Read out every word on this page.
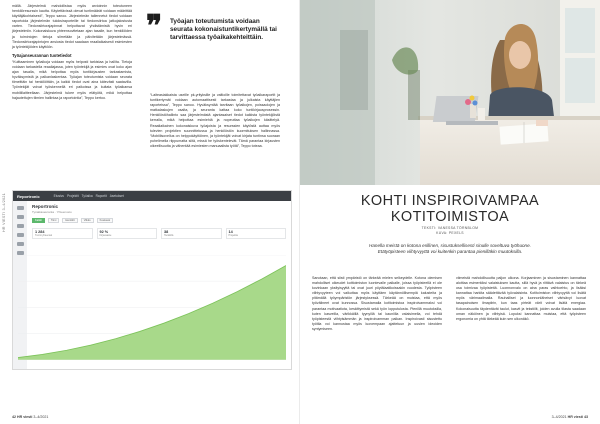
mällä. Järjestelmä mahdollistaa myös arvioinnin toteutuneen henkilöresurssin kautta. Käytettävissä olevat tuntimäärät voidaan määrittää käyttäjäkohtaisesti”, Teppo sanoo. Järjestelmän tallennetut tiedot voidaan raportoida järjestelmän tuloksiraporteille tai tiedonsiirtoa jatkojalostusta varten. Tiedonsiirtorajapinnat helpottavat yhdistämistä hyvin eri järjestelmiin. Kokonaiskuva yhteensovitetaan ajan tasalle, kun henkilöiden ja toimintojen tietoja siirretään ja päivitetään järjestelmässä. Tiedonsiirtorajapintojen ansiosta tiedot saadaan reaaliaikaisesti esimiesten ja työntekijöiden käyttöön.

Työajanseurannan tuotetiedot

“Kuittaaminen työaikoja voidaan myös helposti tarkistaa ja hallita. Tietoja voidaan tarkastella reaaliajassa, joten työntekijä ja esimies ovat koko ajan ajan tasalla, mikä helpottaa myös tuntikirjausten tarkastamista, hyväksymistä ja palkanlaskentaa. Työajan toteutumista voidaan seurata tiimeittäin tai henkilöittäin, ja kaikki tiedot ovat aina kätevästi saatavilla. Työntekijät voivat työskennellä eri paikoissa ja kuitata työaikansa mobiililaitteellaan. Järjestelmä tukee myös etätyötä, mikä helpottaa hajautettujen tiimien hallintaa ja raportointia”, Teppo kertoo.

❞ Työajan toteutumista voidaan seurata kokonaistuntikertymällä tai tarvittaessa työaikakehteittäin.

“Laiteasiakkaista useille pk-yrityksille ja valtioille toimitettavat työaikaraportit ja tuntikertymät voidaan automaattisesti tarkastaa ja julkaista käyttäjien raporteissa”, Teppo sanoo. Hyväksyntää tarvitaan työaikojen, poissaolojen ja matkalaskujen osalta, ja seuranta kattaa koko tuntikirjausprosessin. Henkilöstöhallinto saa järjestelmästä ajantasaiset tiedot kaikista työntekijöistä kerralla, mikä helpottaa esimiehiä ja nopeuttaa työaikojen käsittelyä. Reaaliaikainen kokonaiskuva työajoista ja resurssien käytöstä auttaa myös tulevien projektien suunnittelussa ja henkilöstön kuormituksen hallinnassa. “Mobiilisovellus on helppokäyttöinen, ja työntekijät voivat kirjata tuntinsa suoraan puhelimella riippumatta siitä, missä he työskentelevät. Tämä parantaa kirjausten oikeellisuutta ja vähentää esimiesten manuaalista työtä”, Teppo toteaa.

HR VIESTI 3–4/2021	Reportronic	Etusivu Projektit Työaika Raportit Asetukset
Reportronic
Työaikaseuranta · Yhteenveto
Kaikki	Tiimi	Henkilöt	Viikko	Kuukausi
1 284
Tunnit yhteensä
92 %
Kirjausaste
38
Henkilöä
14
Projektia
42 HR viesti 3–4/2021
KOHTI INSPIROIVAMPAA
KOTITOIMISTOA
TEKSTI: VANESSA TÖRNBLOM
KUVA: PEXELS
Hanella meistä on kotona erillinen, sisustuksellisesti sinulle soveltuva työhuone. Etätyöpisteen viihtyvyyttä voi kuitenkin parantaa pienilläkin muutoksilla.

Sanotaan, että siisti ympäristö on tärkeää mielen selkeydelle. Kotona olemisen mahdolliset oikeudet kotitoimiston luontevalle paikalle, joissa työpisteellä ei ole kovinkaan yksityisyyttä tai ovat juuri pöytälaatikoissakin vuodesta. Työpisteen viihtyvyyteen voi vaikuttaa myös käyttäen käytännöllisempiä kalusteita ja pitämällä työympäristön järjestyksessä. Tärkeää on muistaa, että myös työvälineet ovat kunnossa. Sisustamalla kotitoimistoa inspiroivammaksi voi parantaa motivaatiota, keskittymistä sekä työn lopputulosta. Pienillä muutoksilla, kuten kasveilla, värikkäillä tyynyillä tai kauniilla valaisimella, voi tehdä työpisteestä viihtyisämmän ja inspiroivamman paikan. Inspiroivasti sisustettu työtila voi kannustaa myös luovempaan ajatteluun ja uusien ideoiden syntymiseen.

viimeistä mahdollisuutta paljon ulkona. Korjaaminen ja sisustaminen kannattaa aloittaa esimerkiksi valaistuksen kautta, sillä hyvä ja riittävä valaistus on tärkeä osa toimivaa työpistettä. Luonnonvalo on aina paras vaihtoehto, ja lisäksi kannattaa harkita säädettävää työvalaisinta. Kotitoimiston viihtyvyyttä voi lisätä myös värimaailmalla. Rauhalliset ja luonnonläheiset värisävyt luovat tasapainoisen ilmapiirin, kun taas pirteät värit voivat lisätä energiaa. Kokonaisuutta täydentävät taulut, kasvit ja tekstiilit, joiden avulla tilasta saadaan oman näköinen ja viihtyisä. Lopuksi kannattaa muistaa, että työpisteen ergonomia on yhtä tärkeää kuin sen ulkonäkö.

3–4/2021 HR viesti 43
